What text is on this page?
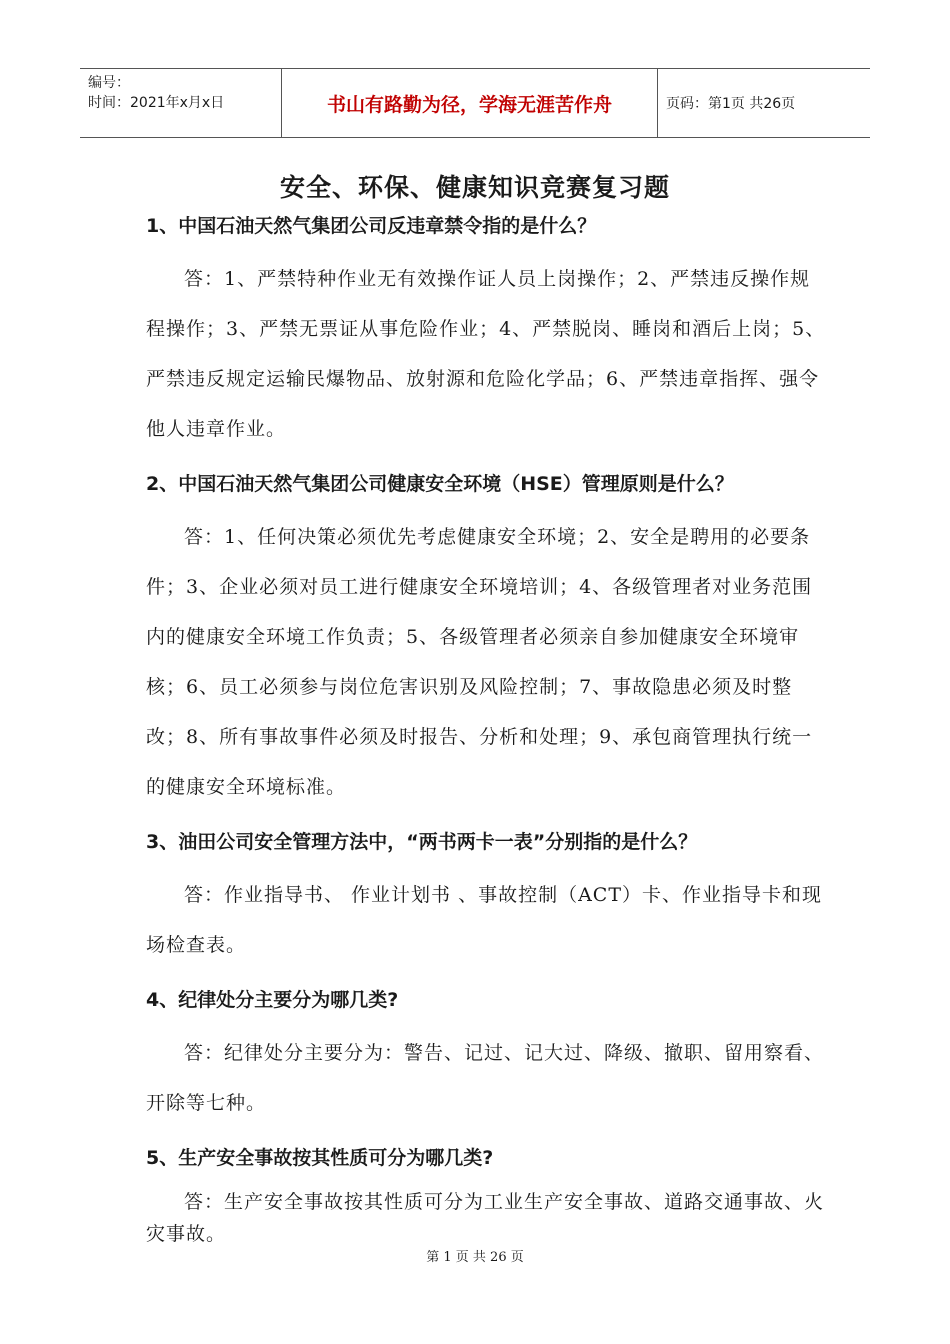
编号：
时间：2021年x月x日	书山有路勤为径，学海无涯苦作舟	页码：第1页 共26页
安全、环保、健康知识竞赛复习题

1、中国石油天然气集团公司反违章禁令指的是什么？

答：1、严禁特种作业无有效操作证人员上岗操作；2、严禁违反操作规程操作；3、严禁无票证从事危险作业；4、严禁脱岗、睡岗和酒后上岗；5、严禁违反规定运输民爆物品、放射源和危险化学品；6、严禁违章指挥、强令他人违章作业。

2、中国石油天然气集团公司健康安全环境（HSE）管理原则是什么？

答：1、任何决策必须优先考虑健康安全环境；2、安全是聘用的必要条件；3、企业必须对员工进行健康安全环境培训；4、各级管理者对业务范围内的健康安全环境工作负责；5、各级管理者必须亲自参加健康安全环境审核；6、员工必须参与岗位危害识别及风险控制；7、事故隐患必须及时整改；8、所有事故事件必须及时报告、分析和处理；9、承包商管理执行统一的健康安全环境标准。

3、油田公司安全管理方法中，“两书两卡一表”分别指的是什么？

答：作业指导书、 作业计划书 、事故控制（ACT）卡、作业指导卡和现场检查表。

4、纪律处分主要分为哪几类?

答：纪律处分主要分为：警告、记过、记大过、降级、撤职、留用察看、开除等七种。

5、生产安全事故按其性质可分为哪几类?

答：生产安全事故按其性质可分为工业生产安全事故、道路交通事故、火灾事故。

第 1 页 共 26 页
